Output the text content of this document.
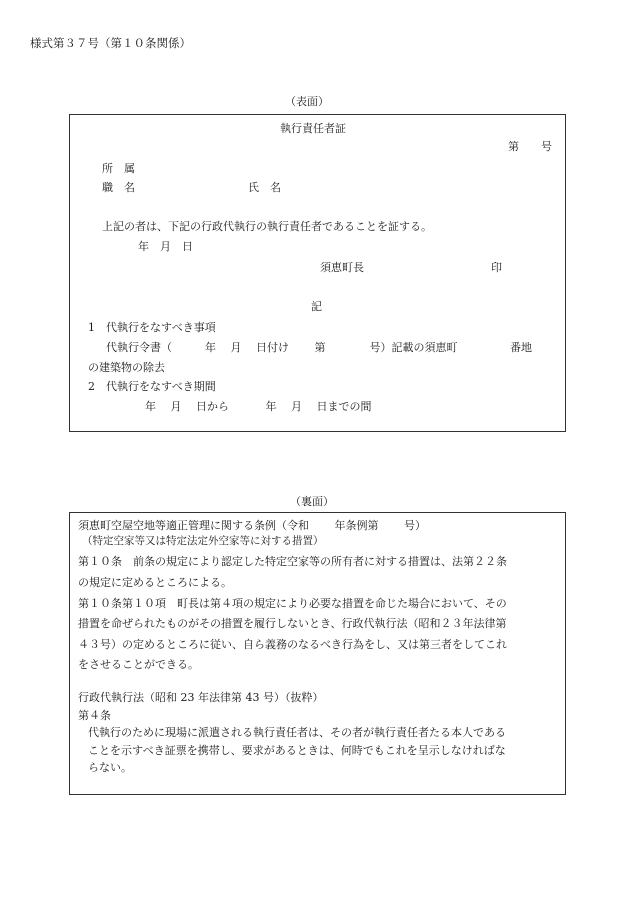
様式第３７号（第１０条関係）
（表面）
執行責任者証
第　　号
所　属
職　名	氏　名
上記の者は、下記の行政代執行の執行責任者であることを証する。
年　月　日
須恵町長	印
記
1　代執行をなすべき事項
代執行令書（　　　年　 月　 日付け　　 第　　　　号）記載の須恵町	番地
の建築物の除去
2　代執行をなすべき期間
年　 月　 日から　　　 年　 月　 日までの間
（裏面）
須恵町空屋空地等適正管理に関する条例（令和　　 年条例第　　 号）
（特定空家等又は特定法定外空家等に対する措置）
第１０条　前条の規定により認定した特定空家等の所有者に対する措置は、法第２２条
の規定に定めるところによる。
第１０条第１０項　町長は第４項の規定により必要な措置を命じた場合において、その
措置を命ぜられたものがその措置を履行しないとき、行政代執行法（昭和２３年法律第
４３号）の定めるところに従い、自ら義務のなるべき行為をし、又は第三者をしてこれ
をさせることができる。
行政代執行法（昭和 23 年法律第 43 号）（抜粋）
第４条
代執行のために現場に派遣される執行責任者は、その者が執行責任者たる本人である
ことを示すべき証票を携帯し、要求があるときは、何時でもこれを呈示しなければな
らない。
